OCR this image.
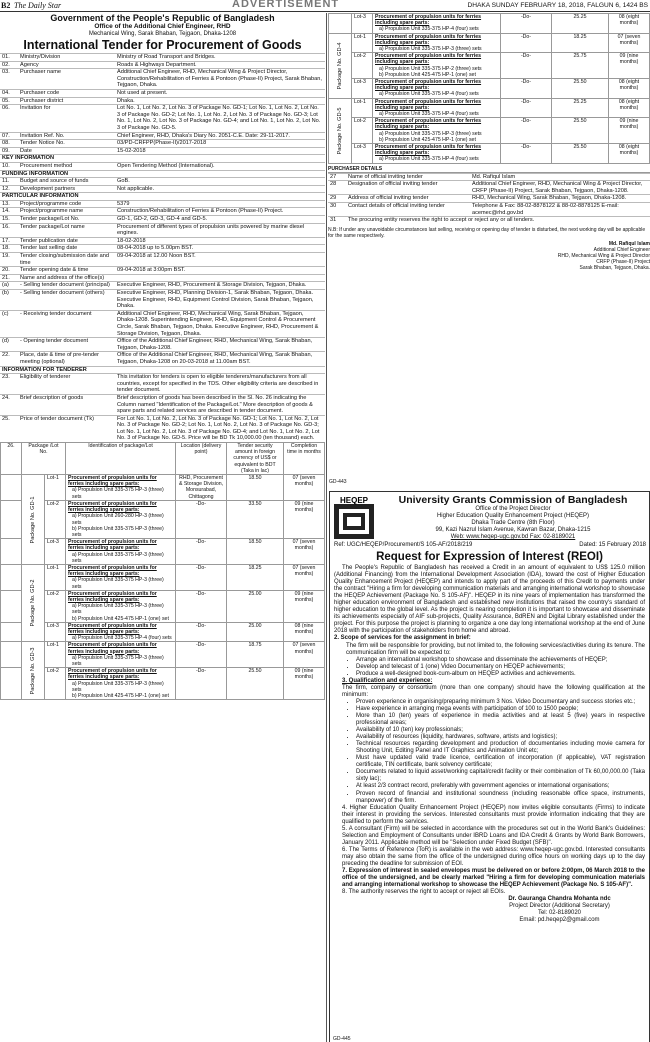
B2 The Daily Star	ADVERTISEMENT	DHAKA SUNDAY FEBRUARY 18, 2018, FALGUN 6, 1424 BS
Government of the People's Republic of Bangladesh
Office of the Additional Chief Engineer, RHD
Mechanical Wing, Sarak Bhaban, Tejgaon, Dhaka-1208
International Tender for Procurement of Goods
01.	Ministry/Division	Ministry of Road Transport and Bridges.
02.	Agency	Roads & Highways Department.
03.	Purchaser name	Additional Chief Engineer, RHD, Mechanical Wing & Project Director, Construction/Rehabilitation of Ferries & Pontoon (Phase-II) Project, Sarak Bhaban, Tejgaon, Dhaka.
04.	Purchaser code	Not used at present.
05.	Purchaser district	Dhaka.
06.	Invitation for	Lot No. 1, Lot No. 2, Lot No. 3 of Package No. GD-1; Lot No. 1, Lot No. 2, Lot No. 3 of Package No. GD-2; Lot No. 1, Lot No. 2, Lot No. 3 of Package No. GD-3; Lot No. 1, Lot No. 2, Lot No. 3 of Package No. GD-4; and Lot No. 1, Lot No. 2, Lot No. 3 of Package No. GD-5.
07.	Invitation Ref. No.	Chief Engineer, RHD, Dhaka's Diary No. 2051-C.E. Date: 29-11-2017.
08.	Tender Notice No.	03/PD-CRFPP(Phase-II)/2017-2018
09.	Date	15-02-2018
KEY INFORMATION		
10.	Procurement method	Open Tendering Method (International).
FUNDING INFORMATION		
11.	Budget and source of funds	GoB.
12.	Development partners	Not applicable.
PARTICULAR INFORMATION		
13.	Project/programme code	5379
14.	Project/programme name	Construction/Rehabilitation of Ferries & Pontoon (Phase-II) Project.
15.	Tender package/Lot No.	GD-1, GD-2, GD-3, GD-4 and GD-5.
16.	Tender package/Lot name	Procurement of different types of propulsion units powered by marine diesel engines.
17.	Tender publication date	18-02-2018
18.	Tender last selling date	08-04-2018 up to 5.00pm BST.
19.	Tender closing/submission date and time	09-04-2018 at 12.00 Noon BST.
20.	Tender opening date & time	09-04-2018 at 3:00pm BST.
21.	Name and address of the office(s)	
(a)	- Selling tender document (principal)	Executive Engineer, RHD, Procurement & Storage Division, Tejgaon, Dhaka.
(b)	- Selling tender document (others)	Executive Engineer, RHD, Planning Division-1, Sarak Bhaban, Tejgaon, Dhaka. Executive Engineer, RHD, Equipment Control Division, Sarak Bhaban, Tejgaon, Dhaka.
(c)	- Receiving tender document	Additional Chief Engineer, RHD, Mechanical Wing, Sarak Bhaban, Tejgaon, Dhaka-1208. Superintending Engineer, RHD, Equipment Control & Procurement Circle, Sarak Bhaban, Tejgaon, Dhaka. Executive Engineer, RHD, Procurement & Storage Division, Tejgaon, Dhaka.
(d)	- Opening tender document	Office of the Additional Chief Engineer, RHD, Mechanical Wing, Sarak Bhaban, Tejgaon, Dhaka-1208.
22.	Place, date & time of pre-tender meeting (optional)	Office of the Additional Chief Engineer, RHD, Mechanical Wing, Sarak Bhaban, Tejgaon, Dhaka-1208 on 20-03-2018 at 11.00am BST.
INFORMATION FOR TENDERER		
23.	Eligibility of tenderer	This invitation for tenders is open to eligible tenderers/manufacturers from all countries, except for specified in the TDS. Other eligibility criteria are described in tender document.
24.	Brief description of goods	Brief description of goods has been described in the Sl. No. 26 indicating the Column named "Identification of the Package/Lot." More description of goods & spare parts and related services are described in tender document.
25.	Price of tender document (Tk)	For Lot No. 1, Lot No. 2, Lot No. 3 of Package No. GD-1; Lot No. 1, Lot No. 2, Lot No. 3 of Package No. GD-2; Lot No. 1, Lot No. 2, Lot No. 3 of Package No. GD-3; Lot No. 1, Lot No. 2, Lot No. 3 of Package No. GD-4; and Lot No. 1, Lot No. 2, Lot No. 3 of Package No. GD-5. Price will be BD Tk 10,000.00 (ten thousand) each.
26.	Package /Lot No.		Identification of package/Lot	Location (delivery point)	Tender security amount in foreign currency of US$ or equivalent to BDT (Taka in lac)	Completion time in months

	Package No. GD-1	Lot-1	Procurement of propulsion units for ferries including spare parts:
a) Propulsion Unit 335-375 HP-3 (three) sets	RHD, Procurement & Storage Division, Monsurabad, Chittagong	18.50	07 (seven months)
		Lot-2	Procurement of propulsion units for ferries including spare parts:
a) Propulsion Unit 260-280 HP-3 (three) sets
b) Propulsion Unit 335-375 HP-3 (three) sets	-Do-	33.50	09 (nine months)
		Lot-3	Procurement of propulsion units for ferries including spare parts:
a) Propulsion Unit 335-375 HP-3 (three) sets	-Do-	18.50	07 (seven months)

	Package No. GD-2	Lot-1	Procurement of propulsion units for ferries including spare parts:
a) Propulsion Unit 335-375 HP-3 (three) sets	-Do-	18.25	07 (seven months)
		Lot-2	Procurement of propulsion units for ferries including spare parts:
a) Propulsion Unit 335-375 HP-3 (three) sets
b) Propulsion Unit 425-475 HP-1 (one) set	-Do-	25.00	09 (nine months)
		Lot-3	Procurement of propulsion units for ferries including spare parts:
a) Propulsion Unit 335-375 HP-4 (four) sets	-Do-	25.00	08 (nine months)

	Package No. GD-3	Lot-1	Procurement of propulsion units for ferries including spare parts:
a) Propulsion Unit 335-375 HP-3 (three) sets	-Do-	18.75	07 (seven months)
		Lot-2	Procurement of propulsion units for ferries including spare parts:
a) Propulsion Unit 335-375 HP-3 (three) sets
b) Propulsion Unit 425-475 HP-1 (one) set	-Do-	25.50	09 (nine months)
	Lot-3	Procurement of propulsion units for ferries including spare parts:
a) Propulsion Unit 335-375 HP-4 (four) sets	-Do-	25.25	08 (eight months)

Package No. GD-4	Lot-1	Procurement of propulsion units for ferries including spare parts:
a) Propulsion Unit 335-375 HP-3 (three) sets	-Do-	18.25	07 (seven months)
	Lot-2	Procurement of propulsion units for ferries including spare parts:
a) Propulsion Unit 335-375 HP-2 (three) sets
b) Propulsion Unit 425-475 HP-1 (one) set	-Do-	25.75	09 (nine months)
	Lot-3	Procurement of propulsion units for ferries including spare parts:
a) Propulsion Unit 335-375 HP-4 (four) sets	-Do-	25.50	08 (eight months)

Package No. GD-5	Lot-1	Procurement of propulsion units for ferries including spare parts:
a) Propulsion Unit 335-375 HP-4 (four) sets	-Do-	25.25	08 (eight months)
	Lot-2	Procurement of propulsion units for ferries including spare parts:
a) Propulsion Unit 335-375 HP-3 (three) sets
b) Propulsion Unit 425-475 HP-1 (one) set	-Do-	25.50	09 (nine months)
	Lot-3	Procurement of propulsion units for ferries including spare parts:
a) Propulsion Unit 335-375 HP-4 (four) sets	-Do-	25.50	08 (eight months)
PURCHASER DETAILS
27	Name of official inviting tender	Md. Rafiqul Islam
28	Designation of official inviting tender	Additional Chief Engineer, RHD, Mechanical Wing & Project Director, CRFP (Phase-II) Project, Sarak Bhaban, Tejgaon, Dhaka-1208.
29	Address of official inviting tender	RHD, Mechanical Wing, Sarak Bhaban, Tejgaon, Dhaka-1208.
30	Contact details of official inviting tender	Telephone & Fax: 88-02-8878122 & 88-02-8878125 E-mail: acemec@rhd.gov.bd
31	The procuring entity reserves the right to accept or reject any or all tenders.	
N.B: If under any unavoidable circumstances last selling, receiving or opening day of tender is disturbed, the next working day will be applicable for the same respectively.
Md. Rafiqul Islam
Additional Chief Engineer
RHD, Mechanical Wing & Project Director
CRFP (Phase-II) Project
Sarak Bhaban, Tejgaon, Dhaka.
GD-443
HEQEP	University Grants Commission of Bangladesh
Office of the Project Director
Higher Education Quality Enhancement Project (HEQEP)
Dhaka Trade Centre (8th Floor)
99, Kazi Nazrul Islam Avenue, Kawran Bazar, Dhaka-1215
Web: www.heqep-ugc.gov.bd Fax: 02-8189021
Ref: UGC/HEQEP/Procurement/S 105-AF/2018/219	Dated: 15 February 2018
Request for Expression of Interest (REOI)

The People's Republic of Bangladesh has received a Credit in an amount of equivalent to US$ 125.0 million (Additional Financing) from the International Development Association (IDA), toward the cost of Higher Education Quality Enhancement Project (HEQEP) and intends to apply part of the proceeds of this Credit to payments under the contract "Hiring a firm for developing communication materials and arranging international workshop to showcase the HEQEP Achievement (Package No. S 105-AF)". HEQEP in its nine years of implementation has transformed the higher education environment of Bangladesh and established new institutions that raised the country's standard of higher education to the global level. As the project is nearing completion it is important to showcase and disseminate its achievements especially of AIF sub-projects, Quality Assurance, BdREN and Digital Library established under the project. For this purpose the project is planning to organize a one day long international workshop at the end of June 2018 with the participation of stakeholders from home and abroad.

2. Scope of services for the assignment in brief:

The firm will be responsible for providing, but not limited to, the following services/activities during its tenure. The communication firm will be expected to:

• Arrange an international workshop to showcase and disseminate the achievements of HEQEP;
• Develop and telecast of 1 (one) Video Documentary on HEQEP achievements;
• Produce a well-designed book-cum-album on HEQEP activities and achievements.

3. Qualification and experience:

The firm, company or consortium (more than one company) should have the following qualification at the minimum:

• Proven experience in organising/preparing minimum 3 Nos. Video Documentary and success stories etc.;
• Have experience in arranging mega events with participation of 100 to 1500 people;
• More than 10 (ten) years of experience in media activities and at least 5 (five) years in respective professional areas;
• Availability of 10 (ten) key professionals;
• Availability of resources (liquidity, hardwares, software, artists and logistics);
• Technical resources regarding development and production of documentaries including movie camera for Shooting Unit, Editing Panel and IT Graphics and Animation Unit etc;
• Must have updated valid trade licence, certification of incorporation (if applicable), VAT registration certificate, TIN certificate, bank solvency certificate;
• Documents related to liquid asset/working capital/credit facility or their combination of Tk 60,00,000.00 (Taka sixty lac);
• At least 2/3 contract record, preferably with government agencies or international organisations;
• Proven record of financial and institutional soundness (including reasonable office space, instruments, manpower) of the firm.

4. Higher Education Quality Enhancement Project (HEQEP) now invites eligible consultants (Firms) to indicate their interest in providing the services. Interested consultants must provide information indicating that they are qualified to perform the services.

5. A consultant (Firm) will be selected in accordance with the procedures set out in the World Bank's Guidelines: Selection and Employment of Consultants under IBRD Loans and IDA Credit & Grants by World Bank Borrowers, January 2011. Applicable method will be "Selection under Fixed Budget (SFB)".

6. The Terms of Reference (ToR) is available in the web address: www.heqep-ugc.gov.bd. Interested consultants may also obtain the same from the office of the undersigned during office hours on working days up to the day preceding the deadline for submission of EOI.

7. Expression of interest in sealed envelopes must be delivered on or before 2:00pm, 06 March 2018 to the office of the undersigned, and be clearly marked "Hiring a firm for developing communication materials and arranging international workshop to showcase the HEQEP Achievement (Package No. S 105-AF)".

8. The authority reserves the right to accept or reject all EOIs.

Dr. Gauranga Chandra Mohanta ndc
Project Director (Additional Secretary)
Tel: 02-8189020
Email: pd.heqep2@gmail.com
GD-445
